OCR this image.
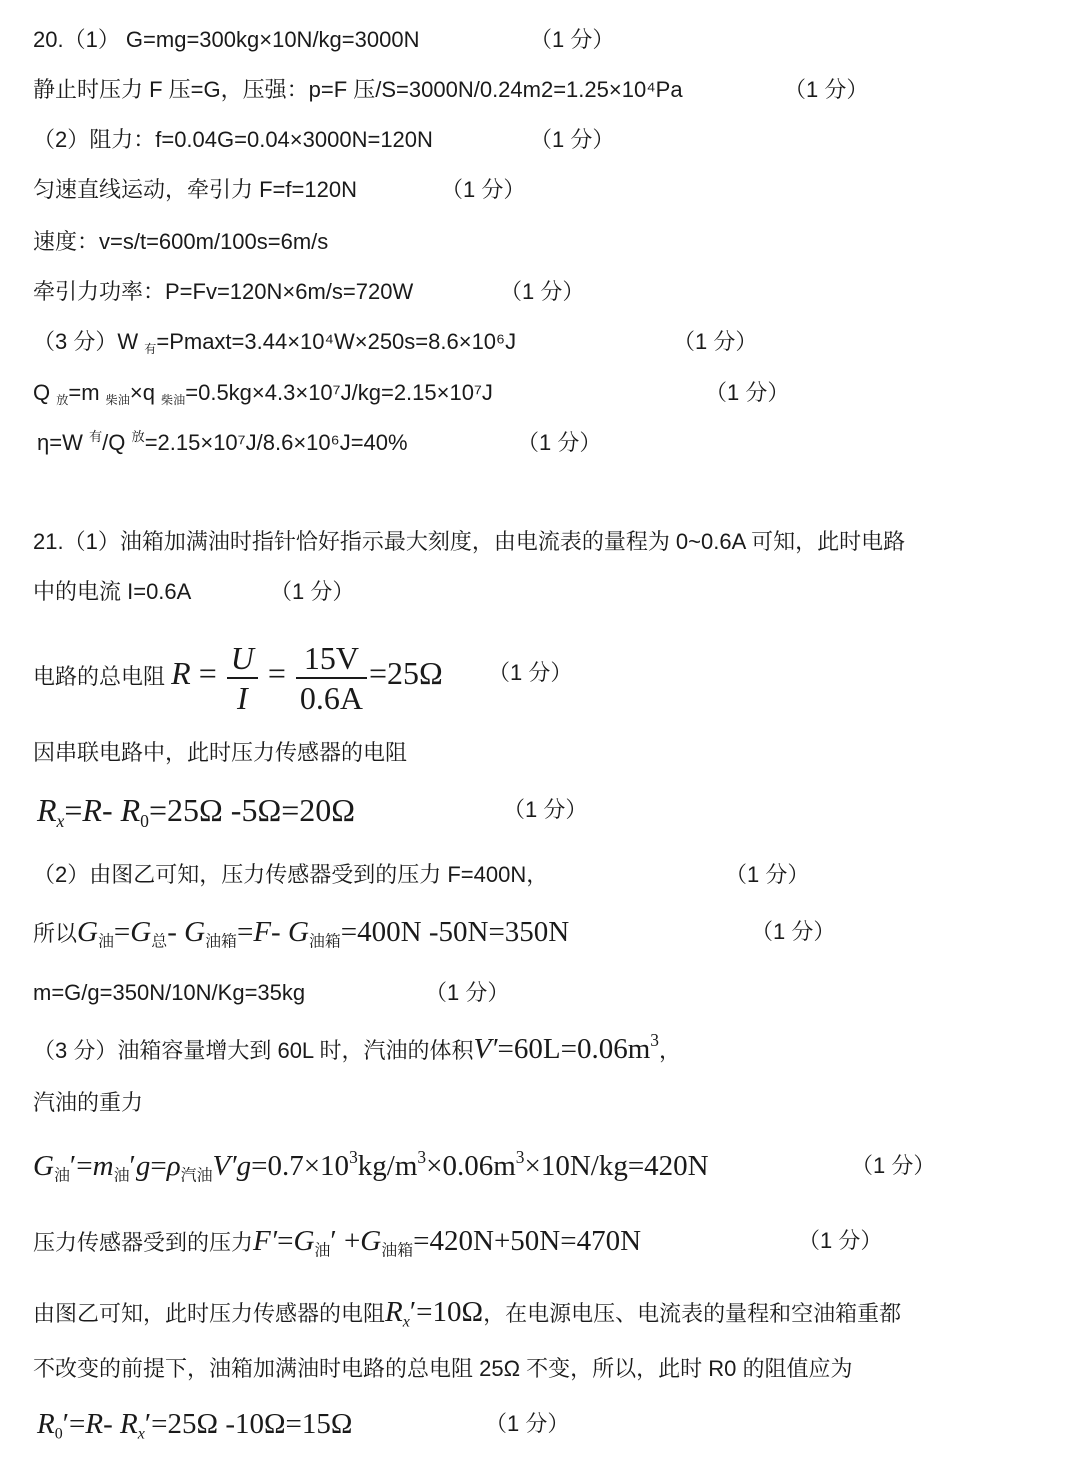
20.（1） G=mg=300kg×10N/kg=3000N	（1 分）
静止时压力 F 压=G，压强：p=F 压/S=3000N/0.24m2=1.25×10⁴Pa	（1 分）
（2）阻力：f=0.04G=0.04×3000N=120N	（1 分）
匀速直线运动，牵引力 F=f=120N	（1 分）
速度：v=s/t=600m/100s=6m/s
牵引力功率：P=Fv=120N×6m/s=720W	（1 分）
（3 分）W $_有$=Pmaxt=3.44×10⁴W×250s=8.6×10⁶J	（1 分）
Q $_放$=m $_{柴油}$×q $_{柴油}$=0.5kg×4.3×10⁷J/kg=2.15×10⁷J	（1 分）
η=W $^有$/Q $^放$=2.15×10⁷J/8.6×10⁶J=40%	（1 分）
21.（1）油箱加满油时指针恰好指示最大刻度，由电流表的量程为 0~0.6A 可知，此时电路
中的电流 I=0.6A	（1 分）
电路的总电阻 $R = \frac{U}{I} = \frac{15V}{0.6A} =25\Omega$ （1 分）
因串联电路中，此时压力传感器的电阻
$R_x=R-$ $R_0=25\Omega$ -5Ω=20Ω	（1 分）
（2）由图乙可知，压力传感器受到的压力 F=400N，	（1 分）
所以$G_油=G_总-$ $G_{油箱}=F-$ $G_{油箱}=400N$ -50N=350N	（1 分）
m=G/g=350N/10N/Kg=35kg	（1 分）
（3 分）油箱容量增大到 60L 时，汽油的体积$V'=60L=0.06m^3$，
汽油的重力
$G_油'=m_油'g=\rho_{汽油}V'g=0.7\times 10^3kg/m^3\times 0.06m^3\times 10N/kg=420N$	（1 分）
压力传感器受到的压力$F'=G_油' +G_{油箱}=420N+50N=470N$	（1 分）
由图乙可知，此时压力传感器的电阻$R_x'=10\Omega$，在电源电压、电流表的量程和空油箱重都
不改变的前提下，油箱加满油时电路的总电阻 25Ω 不变，所以，此时 R0 的阻值应为
$R_0'=R-$ $R_x'=25\Omega$ -10Ω=15Ω	（1 分）
